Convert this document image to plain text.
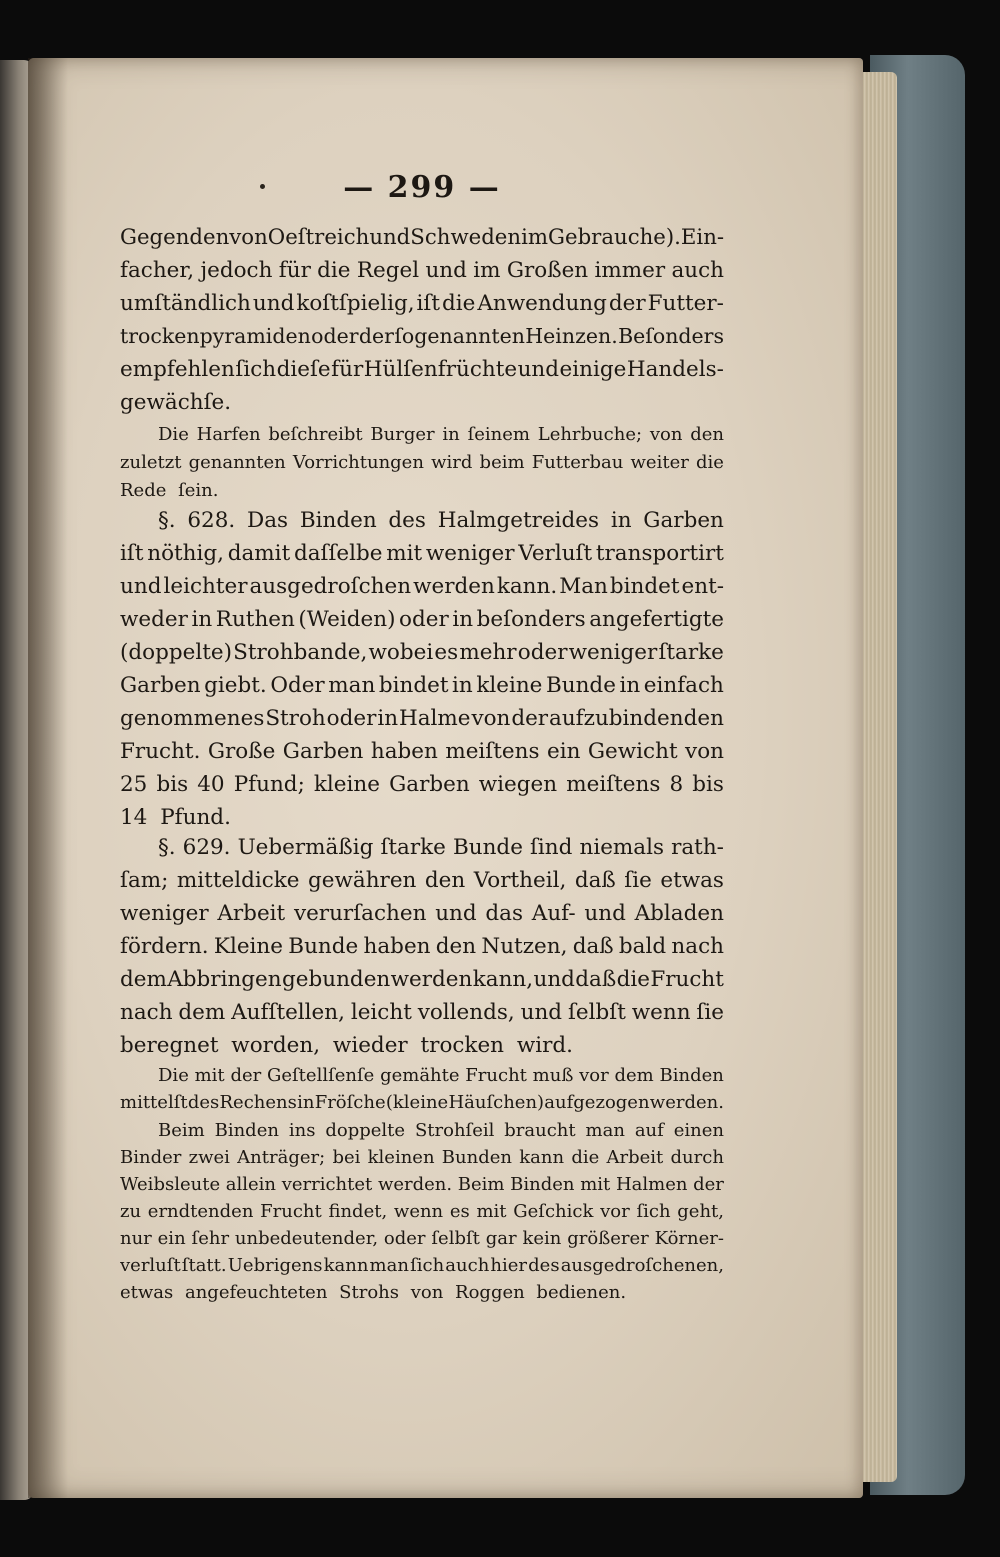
— 299 —
Gegenden von Oeſtreich und Schweden im Gebrauche). Ein-
facher, jedoch für die Regel und im Großen immer auch
umſtändlich und koſtſpielig, iſt die Anwendung der Futter-
trockenpyramiden oder der ſogenannten Heinzen. Beſonders
empfehlen ſich dieſe für Hülſenfrüchte und einige Handels-
gewächſe.
Die Harfen beſchreibt Burger in ſeinem Lehrbuche; von den
zuletzt genannten Vorrichtungen wird beim Futterbau weiter die
Rede ſein.
§. 628. Das Binden des Halmgetreides in Garben
iſt nöthig, damit daſſelbe mit weniger Verluſt transportirt
und leichter ausgedroſchen werden kann. Man bindet ent-
weder in Ruthen (Weiden) oder in beſonders angefertigte
(doppelte) Strohbande, wobei es mehr oder weniger ſtarke
Garben giebt. Oder man bindet in kleine Bunde in einfach
genommenes Stroh oder in Halme von der aufzubindenden
Frucht. Große Garben haben meiſtens ein Gewicht von
25 bis 40 Pfund; kleine Garben wiegen meiſtens 8 bis
14 Pfund.
§. 629. Uebermäßig ſtarke Bunde ſind niemals rath-
ſam; mitteldicke gewähren den Vortheil, daß ſie etwas
weniger Arbeit verurſachen und das Auf- und Abladen
fördern. Kleine Bunde haben den Nutzen, daß bald nach
dem Abbringen gebunden werden kann, und daß die Frucht
nach dem Aufſtellen, leicht vollends, und ſelbſt wenn ſie
beregnet worden, wieder trocken wird.
Die mit der Geſtellſenſe gemähte Frucht muß vor dem Binden
mittelſt des Rechens in Fröſche (kleine Häuſchen) aufgezogen werden.
Beim Binden ins doppelte Strohſeil braucht man auf einen
Binder zwei Anträger; bei kleinen Bunden kann die Arbeit durch
Weibsleute allein verrichtet werden. Beim Binden mit Halmen der
zu erndtenden Frucht findet, wenn es mit Geſchick vor ſich geht,
nur ein ſehr unbedeutender, oder ſelbſt gar kein größerer Körner-
verluſt ſtatt. Uebrigens kann man ſich auch hier des ausgedroſchenen,
etwas angefeuchteten Strohs von Roggen bedienen.
